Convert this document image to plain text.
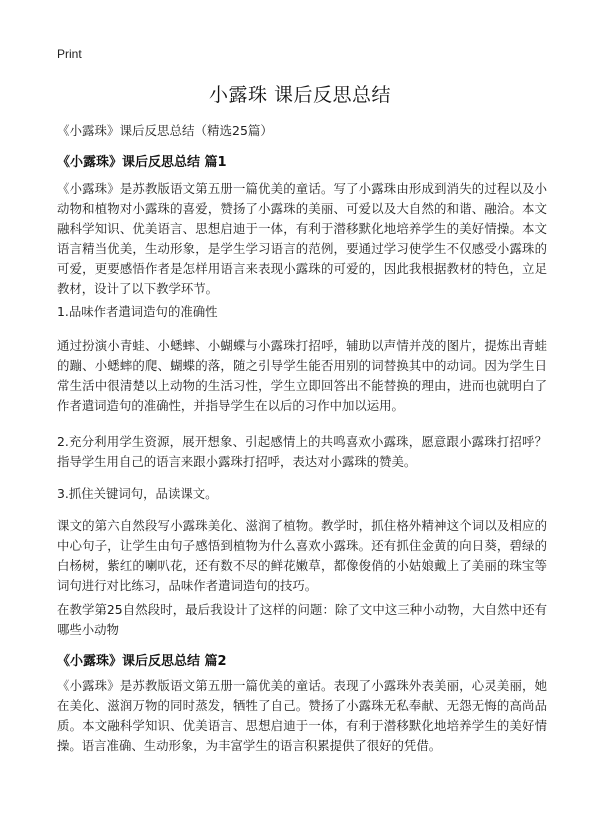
Print
小露珠 课后反思总结
《小露珠》课后反思总结（精选25篇）
《小露珠》课后反思总结 篇1
《小露珠》是苏教版语文第五册一篇优美的童话。写了小露珠由形成到消失的过程以及小动物和植物对小露珠的喜爱，赞扬了小露珠的美丽、可爱以及大自然的和谐、融洽。本文融科学知识、优美语言、思想启迪于一体，有利于潜移默化地培养学生的美好情操。本文语言精当优美，生动形象，是学生学习语言的范例，要通过学习使学生不仅感受小露珠的可爱，更要感悟作者是怎样用语言来表现小露珠的可爱的，因此我根据教材的特色，立足教材，设计了以下教学环节。
1.品味作者遣词造句的准确性
通过扮演小青蛙、小蟋蟀、小蝴蝶与小露珠打招呼，辅助以声情并茂的图片，提炼出青蛙的蹦、小蟋蟀的爬、蝴蝶的落，随之引导学生能否用别的词替换其中的动词。因为学生日常生活中很清楚以上动物的生活习性，学生立即回答出不能替换的理由，进而也就明白了作者遣词造句的准确性，并指导学生在以后的习作中加以运用。
2.充分利用学生资源，展开想象、引起感情上的共鸣喜欢小露珠，愿意跟小露珠打招呼？指导学生用自己的语言来跟小露珠打招呼，表达对小露珠的赞美。
3.抓住关键词句，品读课文。
课文的第六自然段写小露珠美化、滋润了植物。教学时，抓住格外精神这个词以及相应的中心句子，让学生由句子感悟到植物为什么喜欢小露珠。还有抓住金黄的向日葵，碧绿的白杨树，紫红的喇叭花，还有数不尽的鲜花嫩草，都像俊俏的小姑娘戴上了美丽的珠宝等词句进行对比练习，品味作者遣词造句的技巧。
在教学第25自然段时，最后我设计了这样的问题：除了文中这三种小动物，大自然中还有哪些小动物
《小露珠》课后反思总结 篇2
《小露珠》是苏教版语文第五册一篇优美的童话。表现了小露珠外表美丽，心灵美丽，她在美化、滋润万物的同时蒸发，牺牲了自己。赞扬了小露珠无私奉献、无怨无悔的高尚品质。本文融科学知识、优美语言、思想启迪于一体，有利于潜移默化地培养学生的美好情操。语言准确、生动形象，为丰富学生的语言积累提供了很好的凭借。
